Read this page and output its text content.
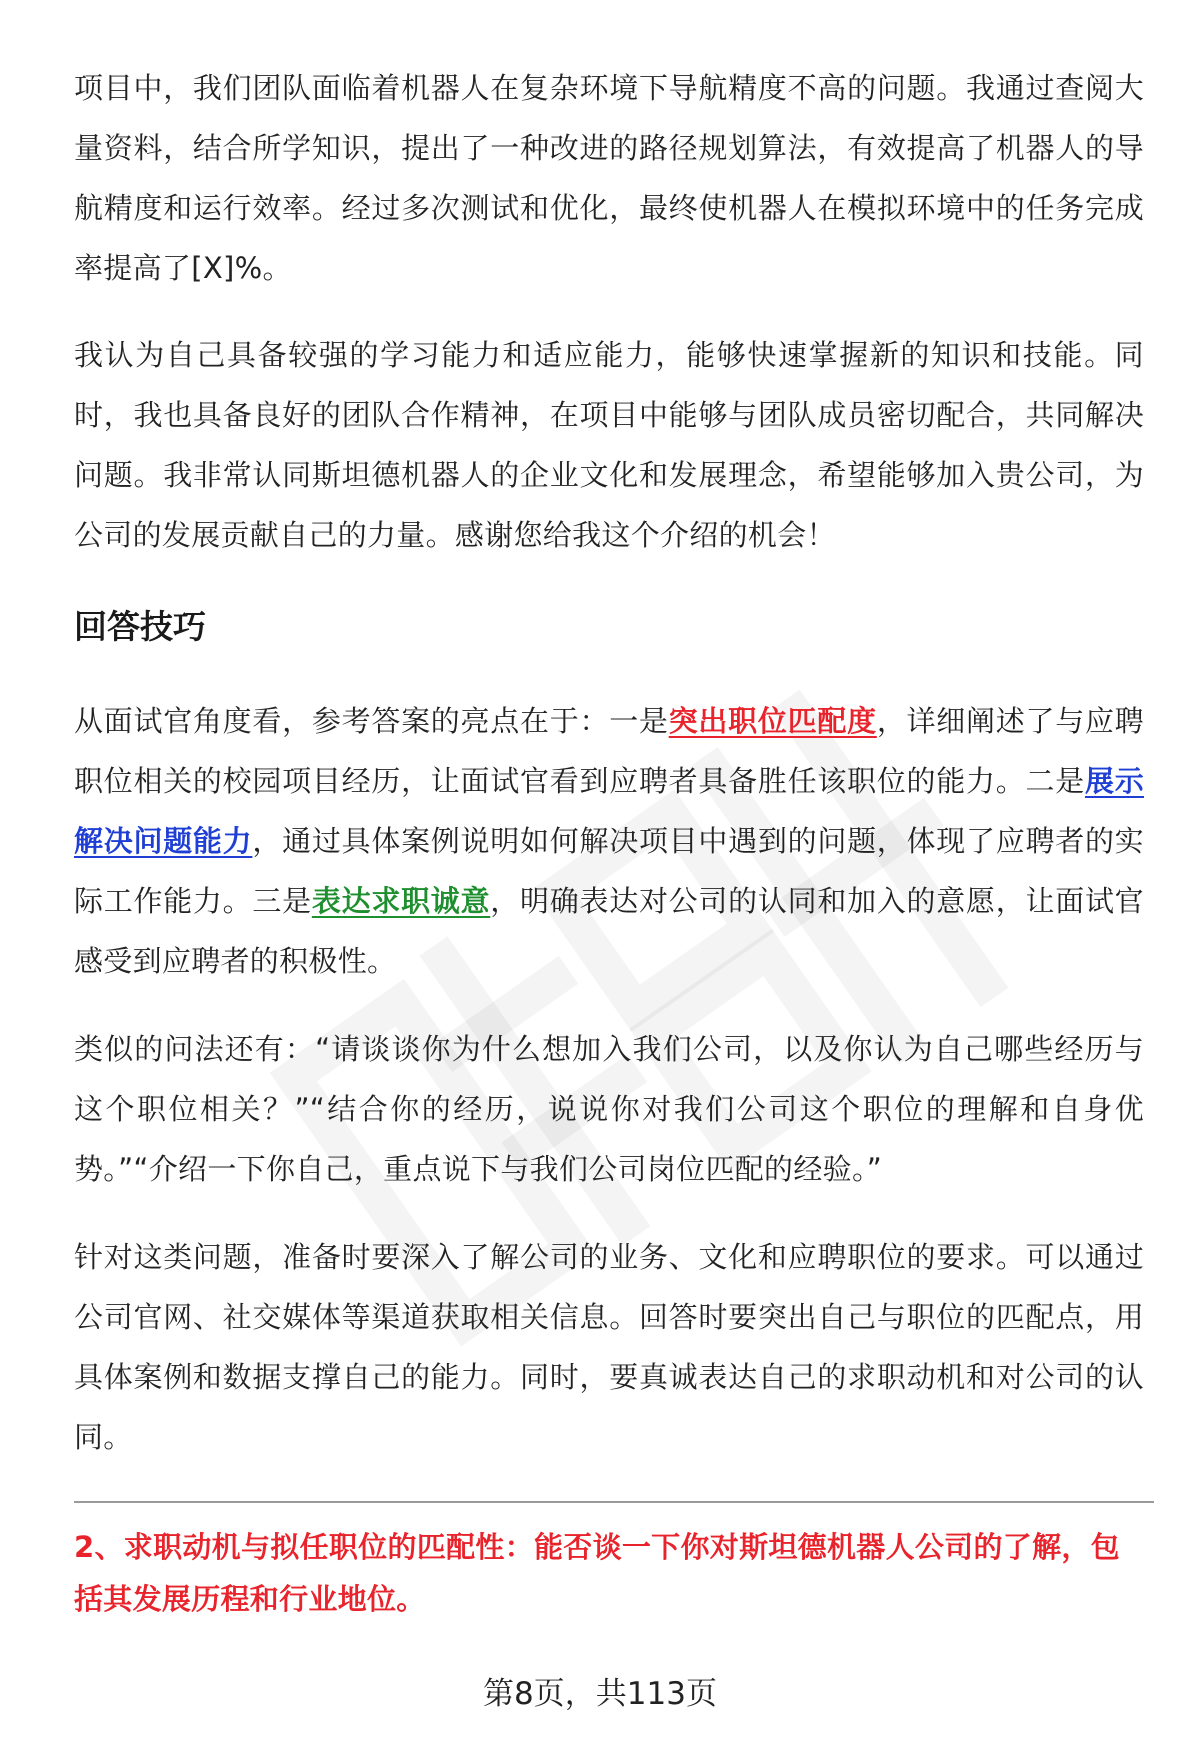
项目中，我们团队面临着机器人在复杂环境下导航精度不高的问题。我通过查阅大量资料，结合所学知识，提出了一种改进的路径规划算法，有效提高了机器人的导航精度和运行效率。经过多次测试和优化，最终使机器人在模拟环境中的任务完成率提高了[X]%。

我认为自己具备较强的学习能力和适应能力，能够快速掌握新的知识和技能。同时，我也具备良好的团队合作精神，在项目中能够与团队成员密切配合，共同解决问题。我非常认同斯坦德机器人的企业文化和发展理念，希望能够加入贵公司，为公司的发展贡献自己的力量。感谢您给我这个介绍的机会！

回答技巧

从面试官角度看，参考答案的亮点在于：一是突出职位匹配度，详细阐述了与应聘职位相关的校园项目经历，让面试官看到应聘者具备胜任该职位的能力。二是展示解决问题能力，通过具体案例说明如何解决项目中遇到的问题，体现了应聘者的实际工作能力。三是表达求职诚意，明确表达对公司的认同和加入的意愿，让面试官感受到应聘者的积极性。

类似的问法还有：“请谈谈你为什么想加入我们公司，以及你认为自己哪些经历与这个职位相关？”“结合你的经历，说说你对我们公司这个职位的理解和自身优势。”“介绍一下你自己，重点说下与我们公司岗位匹配的经验。”

针对这类问题，准备时要深入了解公司的业务、文化和应聘职位的要求。可以通过公司官网、社交媒体等渠道获取相关信息。回答时要突出自己与职位的匹配点，用具体案例和数据支撑自己的能力。同时，要真诚表达自己的求职动机和对公司的认同。

2、求职动机与拟任职位的匹配性：能否谈一下你对斯坦德机器人公司的了解，包括其发展历程和行业地位。

第8页，共113页
